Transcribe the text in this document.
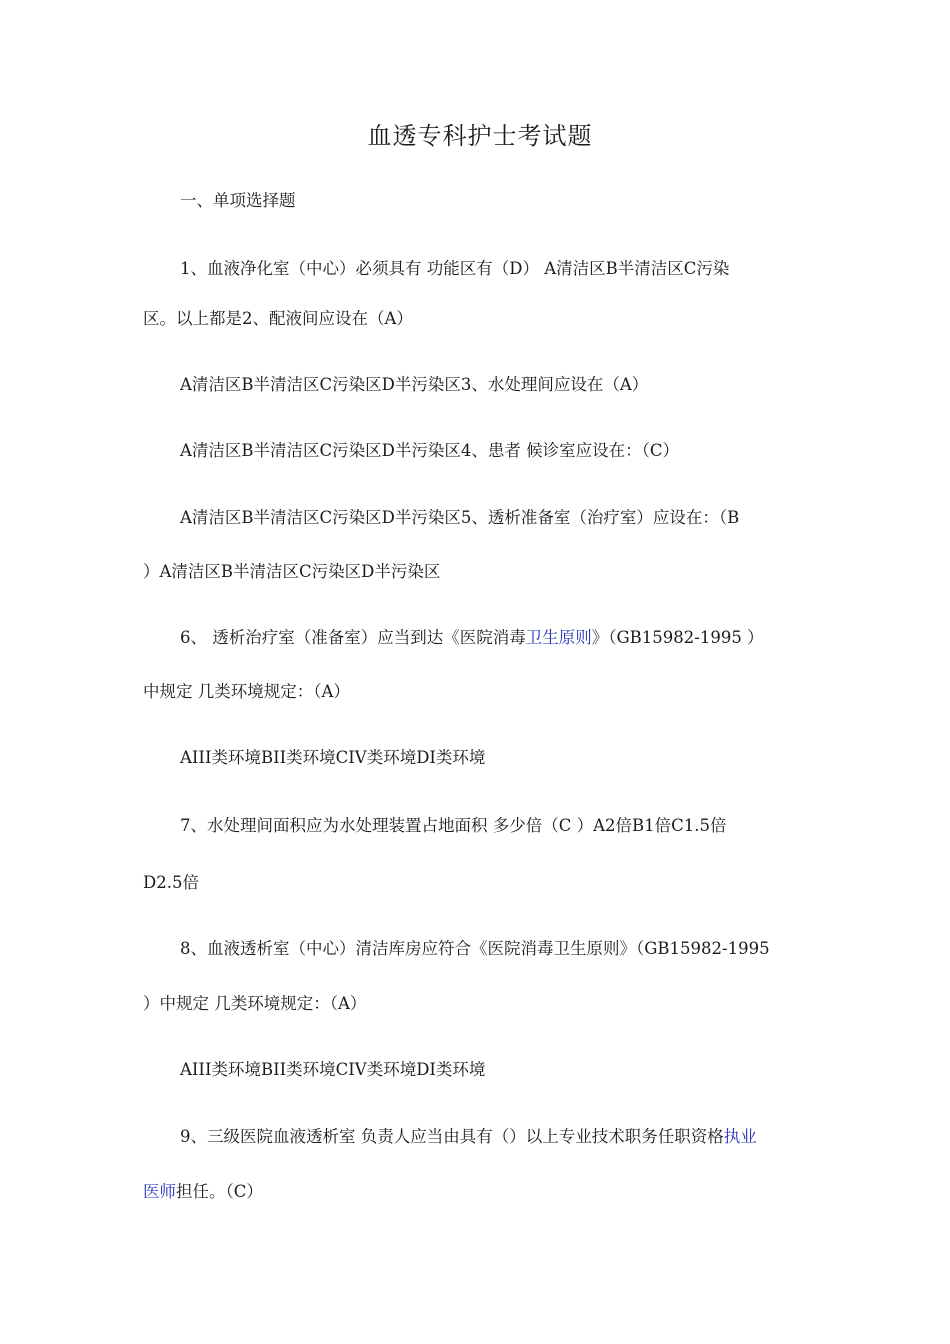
血透专科护士考试题
一、单项选择题
1、血液净化室（中心）必须具有 功能区有（D） A清洁区B半清洁区C污染
区。以上都是2、配液间应设在（A）
A清洁区B半清洁区C污染区D半污染区3、水处理间应设在（A）
A清洁区B半清洁区C污染区D半污染区4、患者 候诊室应设在：（C）
A清洁区B半清洁区C污染区D半污染区5、透析准备室（治疗室）应设在：（B
）A清洁区B半清洁区C污染区D半污染区
6、 透析治疗室（准备室）应当到达《医院消毒卫生原则》（GB15982-1995 ）
中规定 几类环境规定：（A）
AIII类环境BII类环境CIV类环境DI类环境
7、水处理间面积应为水处理装置占地面积 多少倍（C ）A2倍B1倍C1.5倍
D2.5倍
8、血液透析室（中心）清洁库房应符合《医院消毒卫生原则》（GB15982-1995
）中规定 几类环境规定：（A）
AIII类环境BII类环境CIV类环境DI类环境
9、三级医院血液透析室 负责人应当由具有（）以上专业技术职务任职资格执业
医师担任。（C）
